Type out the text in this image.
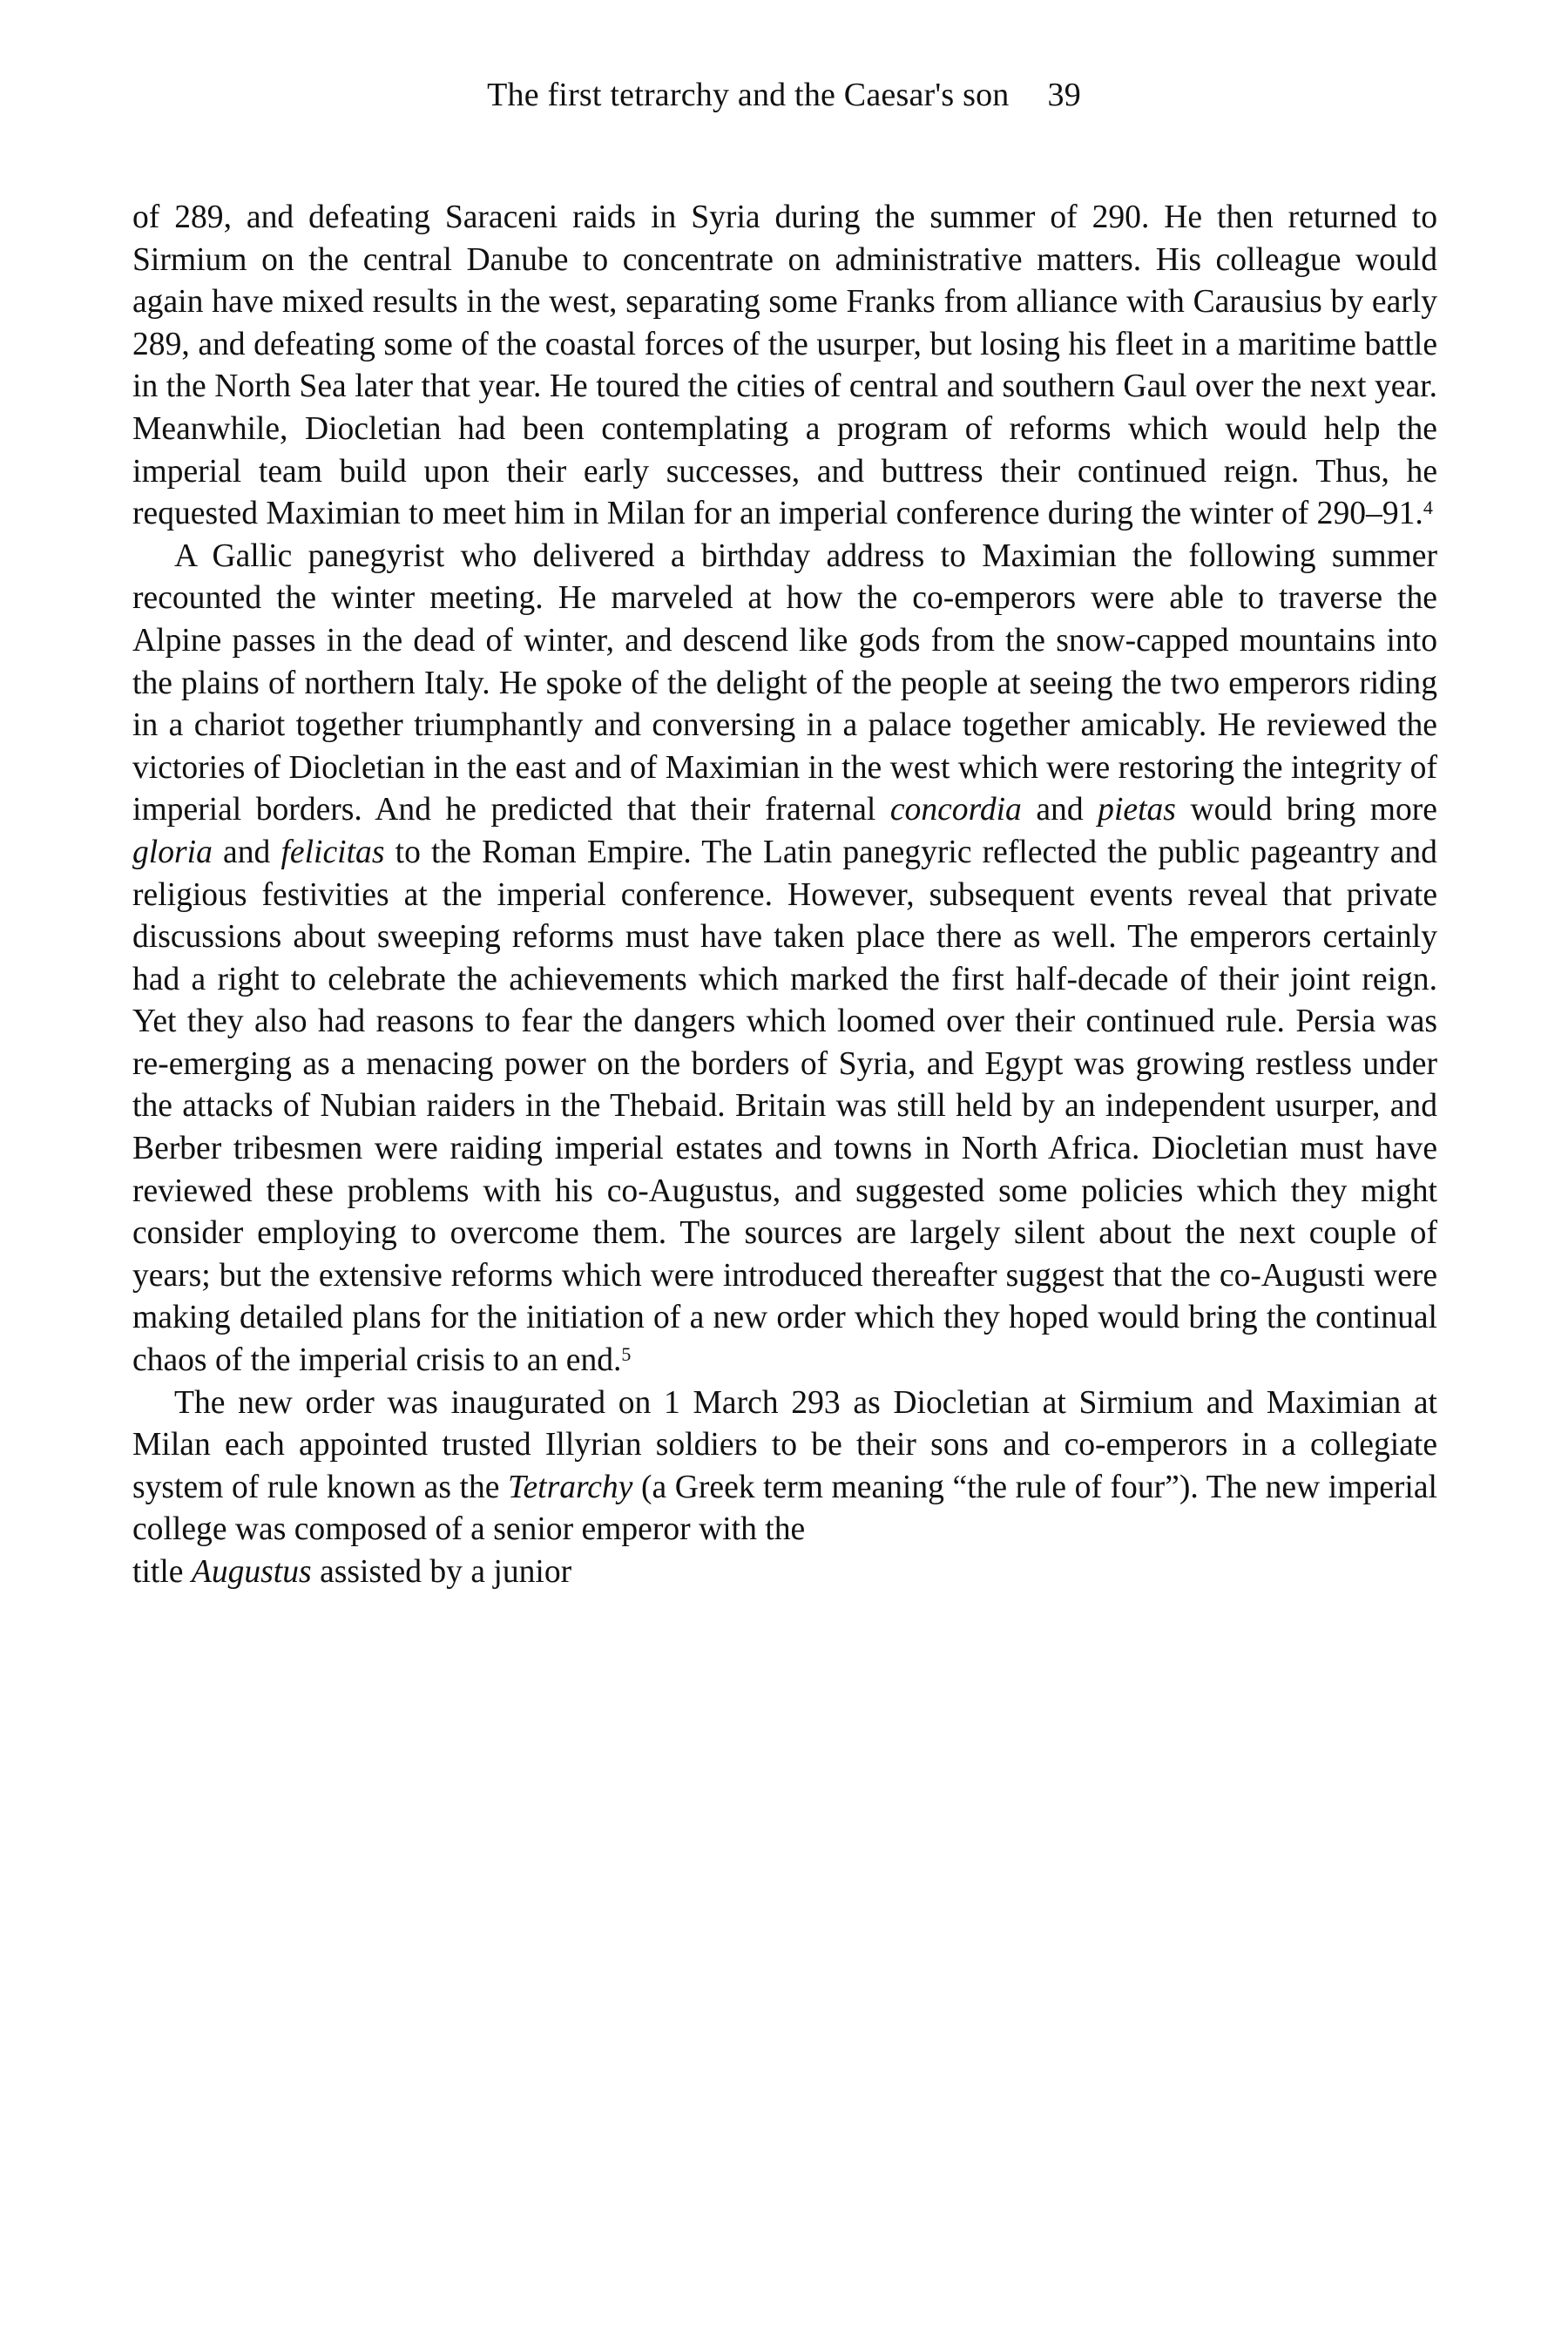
The first tetrarchy and the Caesar's son 39

of 289, and defeating Saraceni raids in Syria during the summer of 290. He then returned to Sirmium on the central Danube to concentrate on administrative matters. His colleague would again have mixed results in the west, separating some Franks from alliance with Carausius by early 289, and defeating some of the coastal forces of the usurper, but losing his fleet in a maritime battle in the North Sea later that year. He toured the cities of central and southern Gaul over the next year. Meanwhile, Diocletian had been contemplating a program of reforms which would help the imperial team build upon their early successes, and buttress their continued reign. Thus, he requested Maximian to meet him in Milan for an imperial conference during the winter of 290–91.$^4$

A Gallic panegyrist who delivered a birthday address to Maximian the following summer recounted the winter meeting. He marveled at how the co-emperors were able to traverse the Alpine passes in the dead of winter, and descend like gods from the snow-capped mountains into the plains of northern Italy. He spoke of the delight of the people at seeing the two emperors riding in a chariot together triumphantly and conversing in a palace together amicably. He reviewed the victories of Diocletian in the east and of Maximian in the west which were restoring the integrity of imperial borders. And he predicted that their fraternal concordia and pietas would bring more gloria and felicitas to the Roman Empire. The Latin panegyric reflected the public pageantry and religious festivities at the imperial conference. However, subsequent events reveal that private discussions about sweeping reforms must have taken place there as well. The emperors certainly had a right to celebrate the achievements which marked the first half-decade of their joint reign. Yet they also had reasons to fear the dangers which loomed over their continued rule. Persia was re-emerging as a menacing power on the borders of Syria, and Egypt was growing restless under the attacks of Nubian raiders in the Thebaid. Britain was still held by an independent usurper, and Berber tribesmen were raiding imperial estates and towns in North Africa. Diocletian must have reviewed these problems with his co-Augustus, and suggested some policies which they might consider employing to overcome them. The sources are largely silent about the next couple of years; but the extensive reforms which were introduced thereafter suggest that the co-Augusti were making detailed plans for the initiation of a new order which they hoped would bring the continual chaos of the imperial crisis to an end.$^5$

The new order was inaugurated on 1 March 293 as Diocletian at Sirmium and Maximian at Milan each appointed trusted Illyrian soldiers to be their sons and co-emperors in a collegiate system of rule known as the Tetrarchy (a Greek term meaning “the rule of four”). The new imperial college was composed of a senior emperor with the

title Augustus assisted by a junior
